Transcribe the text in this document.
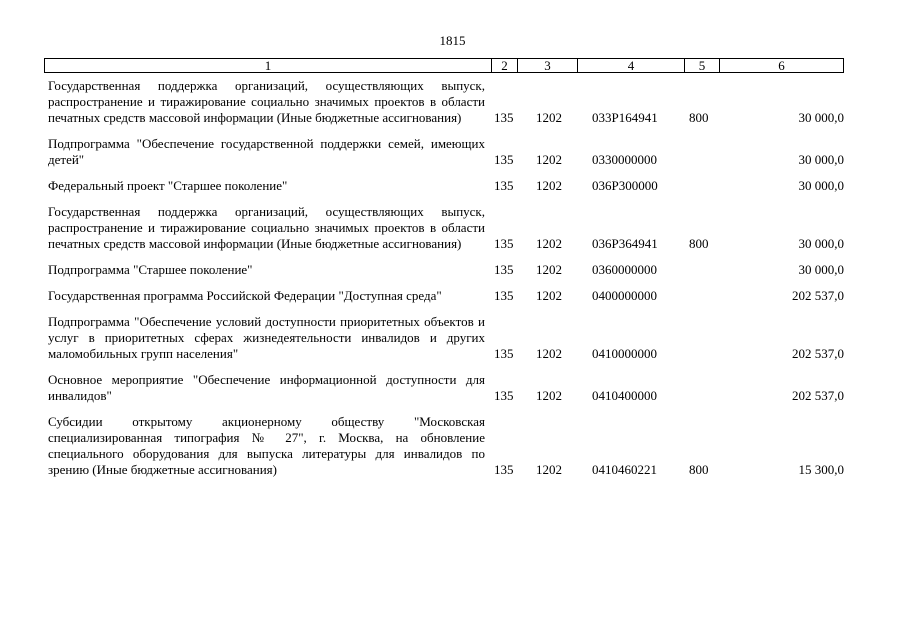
1815
1	2	3	4	5	6
Государственная поддержка организаций, осуществляющих выпуск, распространение и тиражирование социально значимых проектов в области печатных средств массовой информации (Иные бюджетные ассигнования)	135 1202 033P164941 800	30 000,0
Подпрограмма "Обеспечение государственной поддержки семей, имеющих детей"	135 1202 0330000000	30 000,0
Федеральный проект "Старшее поколение"	135 1202 036P300000	30 000,0
Государственная поддержка организаций, осуществляющих выпуск, распространение и тиражирование социально значимых проектов в области печатных средств массовой информации (Иные бюджетные ассигнования)	135 1202 036P364941 800	30 000,0
Подпрограмма "Старшее поколение"	135 1202 0360000000	30 000,0
Государственная программа Российской Федерации "Доступная среда"	135 1202 0400000000	202 537,0
Подпрограмма "Обеспечение условий доступности приоритетных объектов и услуг в приоритетных сферах жизнедеятельности инвалидов и других маломобильных групп населения"	135 1202 0410000000	202 537,0
Основное мероприятие "Обеспечение информационной доступности для инвалидов"	135 1202 0410400000	202 537,0
Субсидии открытому акционерному обществу "Московская специализированная типография № 27", г. Москва, на обновление специального оборудования для выпуска литературы для инвалидов по зрению (Иные бюджетные ассигнования)	135 1202 0410460221 800	15 300,0
